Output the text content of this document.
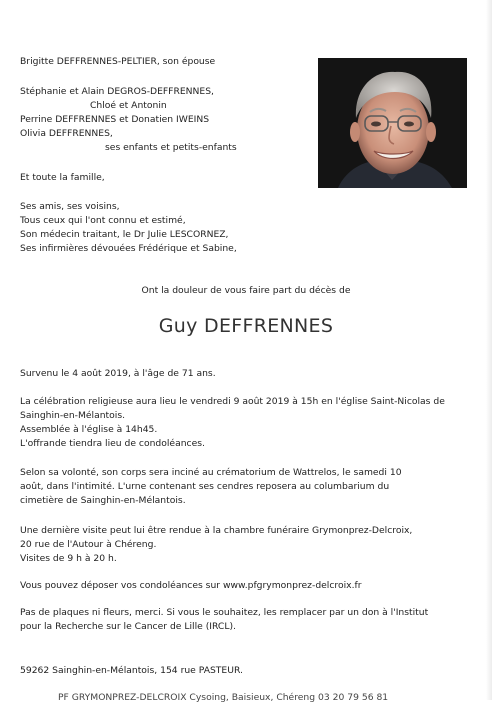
Brigitte DEFFRENNES-PELTIER, son épouse
Stéphanie et Alain DEGROS-DEFFRENNES,
Chloé et Antonin
Perrine DEFFRENNES et Donatien IWEINS
Olivia DEFFRENNES,
ses enfants et petits-enfants
Et toute la famille,
Ses amis, ses voisins,
Tous ceux qui l'ont connu et estimé,
Son médecin traitant, le Dr Julie LESCORNEZ,
Ses infirmières dévouées Frédérique et Sabine,
Ont la douleur de vous faire part du décès de
Guy DEFFRENNES
Survenu le 4 août 2019, à l'âge de 71 ans.
La célébration religieuse aura lieu le vendredi 9 août 2019 à 15h en l'église Saint-Nicolas de
Sainghin-en-Mélantois.
Assemblée à l'église à 14h45.
L'offrande tiendra lieu de condoléances.
Selon sa volonté, son corps sera inciné au crématorium de Wattrelos, le samedi 10
août, dans l'intimité. L'urne contenant ses cendres reposera au columbarium du
cimetière de Sainghin-en-Mélantois.
Une dernière visite peut lui être rendue à la chambre funéraire Grymonprez-Delcroix,
20 rue de l'Autour à Chéreng.
Visites de 9 h à 20 h.
Vous pouvez déposer vos condoléances sur www.pfgrymonprez-delcroix.fr
Pas de plaques ni fleurs, merci. Si vous le souhaitez, les remplacer par un don à l'Institut
pour la Recherche sur le Cancer de Lille (IRCL).
59262 Sainghin-en-Mélantois, 154 rue PASTEUR.
PF GRYMONPREZ-DELCROIX Cysoing, Baisieux, Chéreng 03 20 79 56 81
